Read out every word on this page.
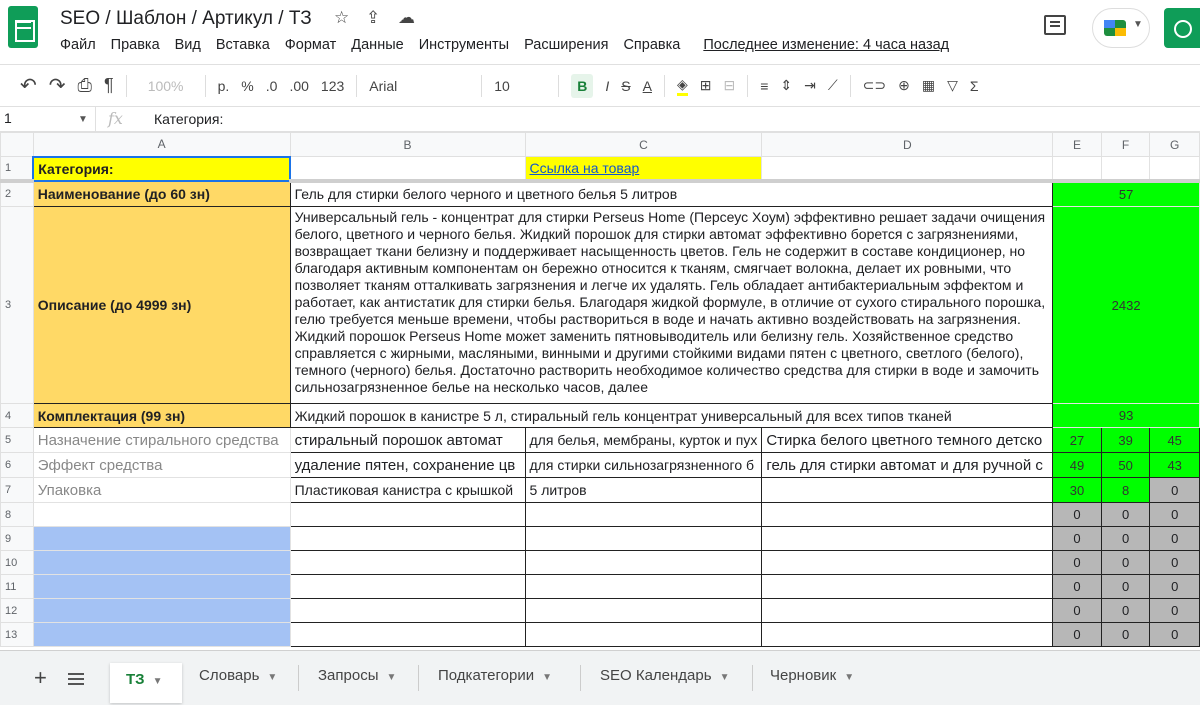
SEO / Шаблон / Артикул / ТЗ ☆ ⇪ ☁
Файл Правка Вид Вставка Формат Данные Инструменты Расширения Справка Последнее изменение: 4 часа назад
▼
↶ ↷ ⎙ ¶	100%	р. % .0 .00 123 Arial	10	B	I S A ◈ ⊞ ⊟ ≡ ⇕ ⇥ ⟋ ⊂⊃ ⊕ ▦ ▽ Σ
1	▼ fx Категория:
	A	B	C	D	E	F	G
1	Категория:		Ссылка на товар				
2	Наименование (до 60 зн)	Гель для стирки белого черного и цветного белья 5 литров			57		
3	Описание (до 4999 зн)	Универсальный гель - концентрат для стирки Perseus Home (Персеус Хоум) эффективно решает задачи очищения белого, цветного и черного белья. Жидкий порошок для стирки автомат эффективно борется с загрязнениями, возвращает ткани белизну и поддерживает насыщенность цветов. Гель не содержит в составе кондиционер, но благодаря активным компонентам он бережно относится к тканям, смягчает волокна, делает их ровными, что позволяет тканям отталкивать загрязнения и легче их удалять. Гель обладает антибактериальным эффектом и работает, как антистатик для стирки белья. Благодаря жидкой формуле, в отличие от сухого стирального порошка, гелю требуется меньше времени, чтобы раствориться в воде и начать активно воздействовать на загрязнения. Жидкий порошок Perseus Home может заменить пятновыводитель или белизну гель. Хозяйственное средство справляется с жирными, масляными, винными и другими стойкими видами пятен с цветного, светлого (белого), темного (черного) белья. Достаточно растворить необходимое количество средства для стирки в воде и замочить сильнозагрязненное белье на несколько часов, далее			2432		
4	Комплектация (99 зн)	Жидкий порошок в канистре 5 л, стиральный гель концентрат универсальный для всех типов тканей			93		
5	Назначение стирального средства	стиральный порошок автомат	для белья, мембраны, курток и пух	Стирка белого цветного темного детско	27	39	45
6	Эффект средства	удаление пятен, сохранение цв	для стирки сильнозагрязненного б	гель для стирки автомат и для ручной с	49	50	43
7	Упаковка	Пластиковая канистра с крышкой	5 литров		30	8	0
8					0	0	0
9					0	0	0
10					0	0	0
11					0	0	0
12					0	0	0
13					0	0	0
+	ТЗ ▼	Словарь ▼	Запросы ▼	Подкатегории ▼	SEO Календарь ▼	Черновик ▼
